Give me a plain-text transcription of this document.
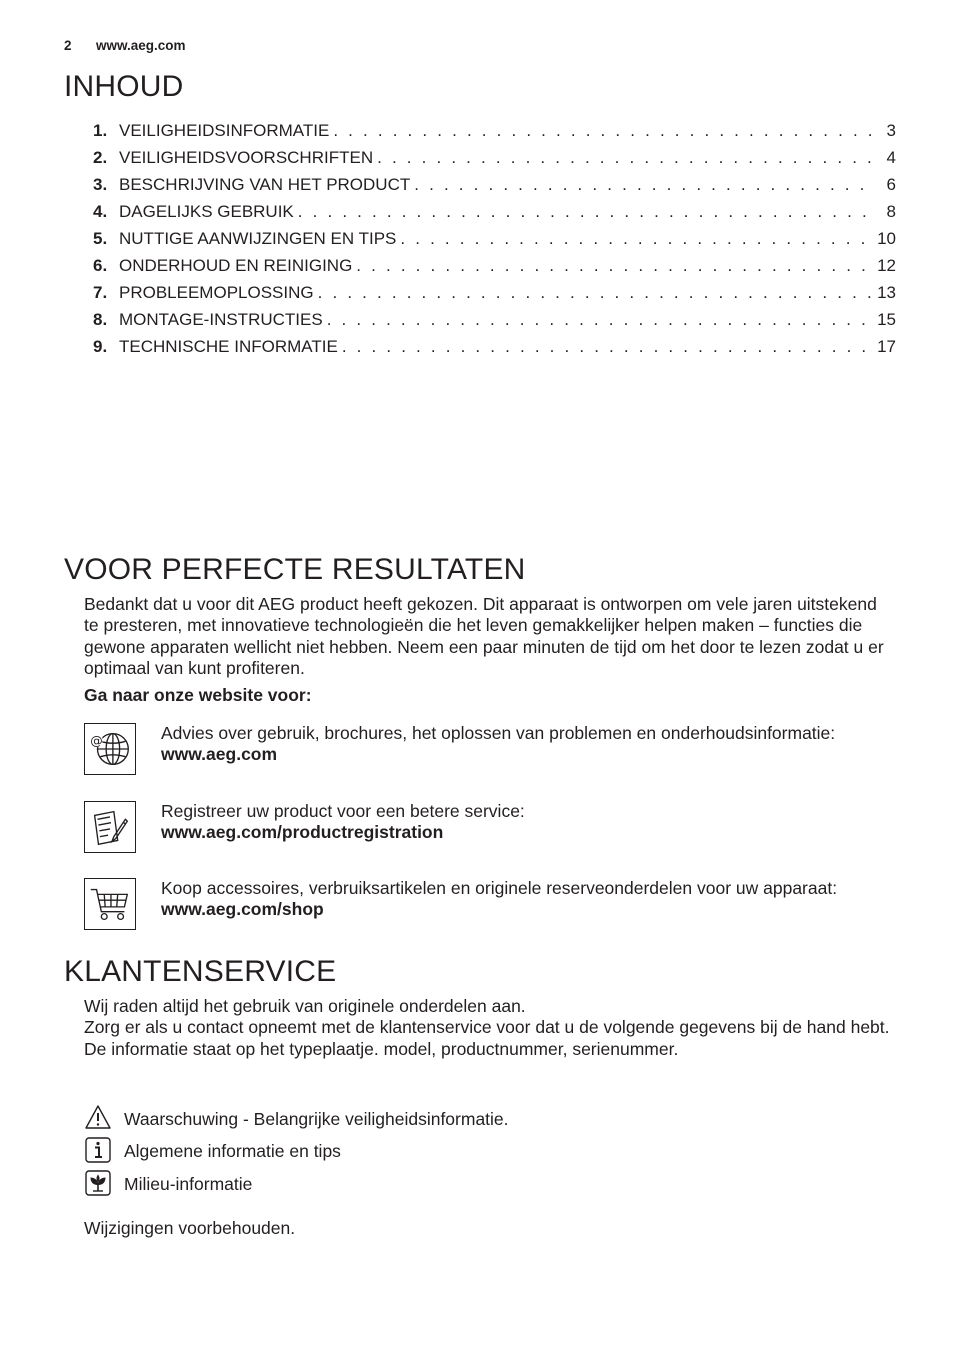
2 www.aeg.com
INHOUD
1. VEILIGHEIDSINFORMATIE . . .	3
2. VEILIGHEIDSVOORSCHRIFTEN . . .	4
3. BESCHRIJVING VAN HET PRODUCT . . .	6
4. DAGELIJKS GEBRUIK . . .	8
5. NUTTIGE AANWIJZINGEN EN TIPS . . .	10
6. ONDERHOUD EN REINIGING . . .	12
7. PROBLEEMOPLOSSING . . .	13
8. MONTAGE-INSTRUCTIES . . .	15
9. TECHNISCHE INFORMATIE . . .	17
VOOR PERFECTE RESULTATEN
Bedankt dat u voor dit AEG product heeft gekozen. Dit apparaat is ontworpen om vele jaren uitstekend te presteren, met innovatieve technologieën die het leven gemakkelijker helpen maken – functies die gewone apparaten wellicht niet hebben. Neem een paar minuten de tijd om het door te lezen zodat u er optimaal van kunt profiteren.
Ga naar onze website voor:
@	Advies over gebruik, brochures, het oplossen van problemen en onderhoudsinformatie:
www.aeg.com
Registreer uw product voor een betere service:
www.aeg.com/productregistration
Koop accessoires, verbruiksartikelen en originele reserveonderdelen voor uw apparaat:
www.aeg.com/shop
KLANTENSERVICE
Wij raden altijd het gebruik van originele onderdelen aan.
Zorg er als u contact opneemt met de klantenservice voor dat u de volgende gegevens bij de hand hebt.
De informatie staat op het typeplaatje. model, productnummer, serienummer.
Waarschuwing - Belangrijke veiligheidsinformatie.
Algemene informatie en tips
Milieu-informatie
Wijzigingen voorbehouden.
